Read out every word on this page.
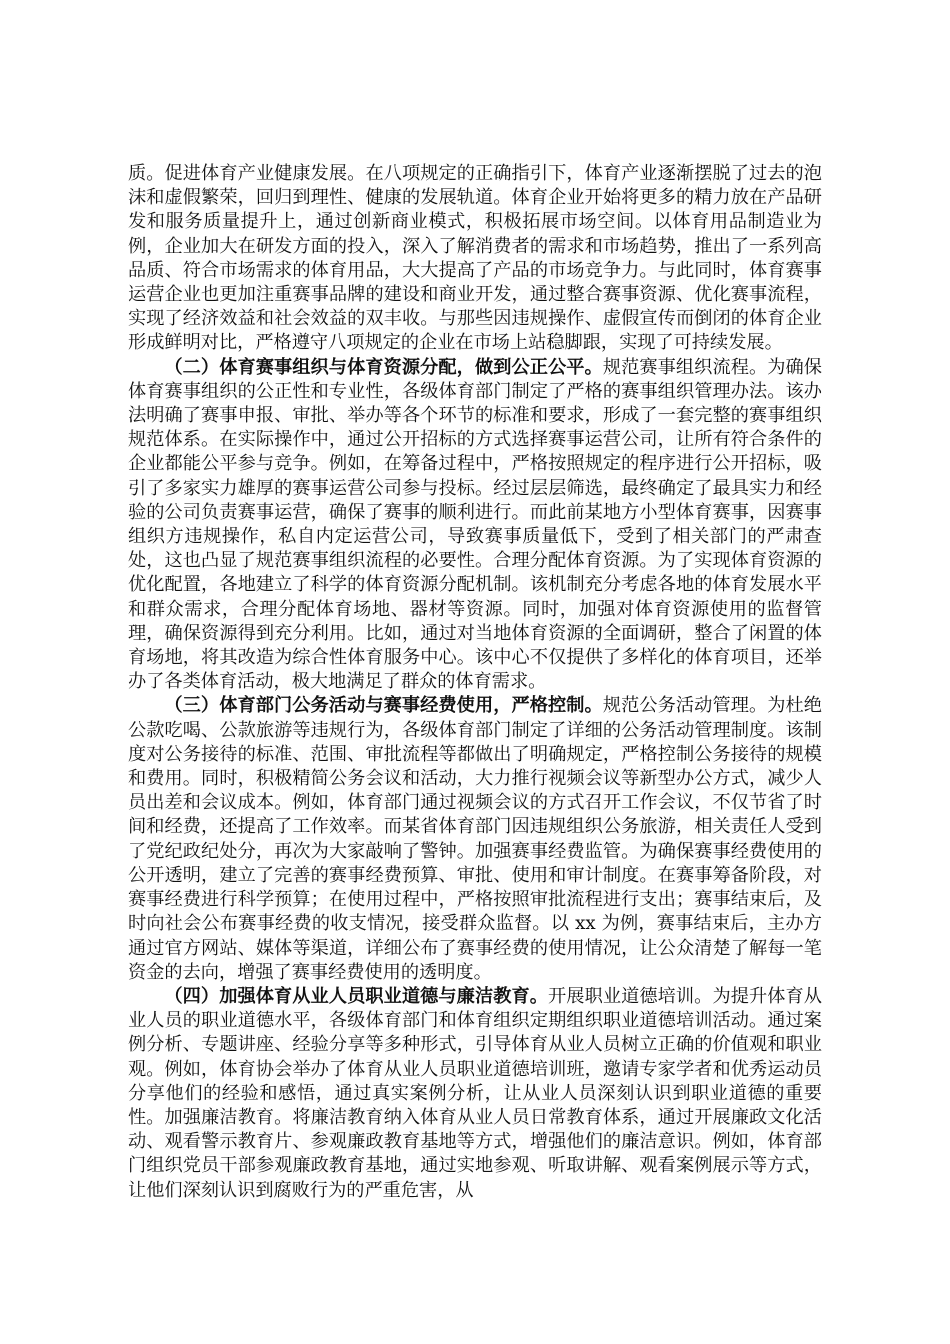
质。促进体育产业健康发展。在八项规定的正确指引下，体育产业逐渐摆脱了过去的泡沫和虚假繁荣，回归到理性、健康的发展轨道。体育企业开始将更多的精力放在产品研发和服务质量提升上，通过创新商业模式，积极拓展市场空间。以体育用品制造业为例，企业加大在研发方面的投入，深入了解消费者的需求和市场趋势，推出了一系列高品质、符合市场需求的体育用品，大大提高了产品的市场竞争力。与此同时，体育赛事运营企业也更加注重赛事品牌的建设和商业开发，通过整合赛事资源、优化赛事流程，实现了经济效益和社会效益的双丰收。与那些因违规操作、虚假宣传而倒闭的体育企业形成鲜明对比，严格遵守八项规定的企业在市场上站稳脚跟，实现了可持续发展。

（二）体育赛事组织与体育资源分配，做到公正公平。规范赛事组织流程。为确保体育赛事组织的公正性和专业性，各级体育部门制定了严格的赛事组织管理办法。该办法明确了赛事申报、审批、举办等各个环节的标准和要求，形成了一套完整的赛事组织规范体系。在实际操作中，通过公开招标的方式选择赛事运营公司，让所有符合条件的企业都能公平参与竞争。例如，在筹备过程中，严格按照规定的程序进行公开招标，吸引了多家实力雄厚的赛事运营公司参与投标。经过层层筛选，最终确定了最具实力和经验的公司负责赛事运营，确保了赛事的顺利进行。而此前某地方小型体育赛事，因赛事组织方违规操作，私自内定运营公司，导致赛事质量低下，受到了相关部门的严肃查处，这也凸显了规范赛事组织流程的必要性。合理分配体育资源。为了实现体育资源的优化配置，各地建立了科学的体育资源分配机制。该机制充分考虑各地的体育发展水平和群众需求，合理分配体育场地、器材等资源。同时，加强对体育资源使用的监督管理，确保资源得到充分利用。比如，通过对当地体育资源的全面调研，整合了闲置的体育场地，将其改造为综合性体育服务中心。该中心不仅提供了多样化的体育项目，还举办了各类体育活动，极大地满足了群众的体育需求。

（三）体育部门公务活动与赛事经费使用，严格控制。规范公务活动管理。为杜绝公款吃喝、公款旅游等违规行为，各级体育部门制定了详细的公务活动管理制度。该制度对公务接待的标准、范围、审批流程等都做出了明确规定，严格控制公务接待的规模和费用。同时，积极精简公务会议和活动，大力推行视频会议等新型办公方式，减少人员出差和会议成本。例如，体育部门通过视频会议的方式召开工作会议，不仅节省了时间和经费，还提高了工作效率。而某省体育部门因违规组织公务旅游，相关责任人受到了党纪政纪处分，再次为大家敲响了警钟。加强赛事经费监管。为确保赛事经费使用的公开透明，建立了完善的赛事经费预算、审批、使用和审计制度。在赛事筹备阶段，对赛事经费进行科学预算；在使用过程中，严格按照审批流程进行支出；赛事结束后，及时向社会公布赛事经费的收支情况，接受群众监督。以 xx 为例，赛事结束后，主办方通过官方网站、媒体等渠道，详细公布了赛事经费的使用情况，让公众清楚了解每一笔资金的去向，增强了赛事经费使用的透明度。

（四）加强体育从业人员职业道德与廉洁教育。开展职业道德培训。为提升体育从业人员的职业道德水平，各级体育部门和体育组织定期组织职业道德培训活动。通过案例分析、专题讲座、经验分享等多种形式，引导体育从业人员树立正确的价值观和职业观。例如，体育协会举办了体育从业人员职业道德培训班，邀请专家学者和优秀运动员分享他们的经验和感悟，通过真实案例分析，让从业人员深刻认识到职业道德的重要性。加强廉洁教育。将廉洁教育纳入体育从业人员日常教育体系，通过开展廉政文化活动、观看警示教育片、参观廉政教育基地等方式，增强他们的廉洁意识。例如，体育部门组织党员干部参观廉政教育基地，通过实地参观、听取讲解、观看案例展示等方式，让他们深刻认识到腐败行为的严重危害，从
